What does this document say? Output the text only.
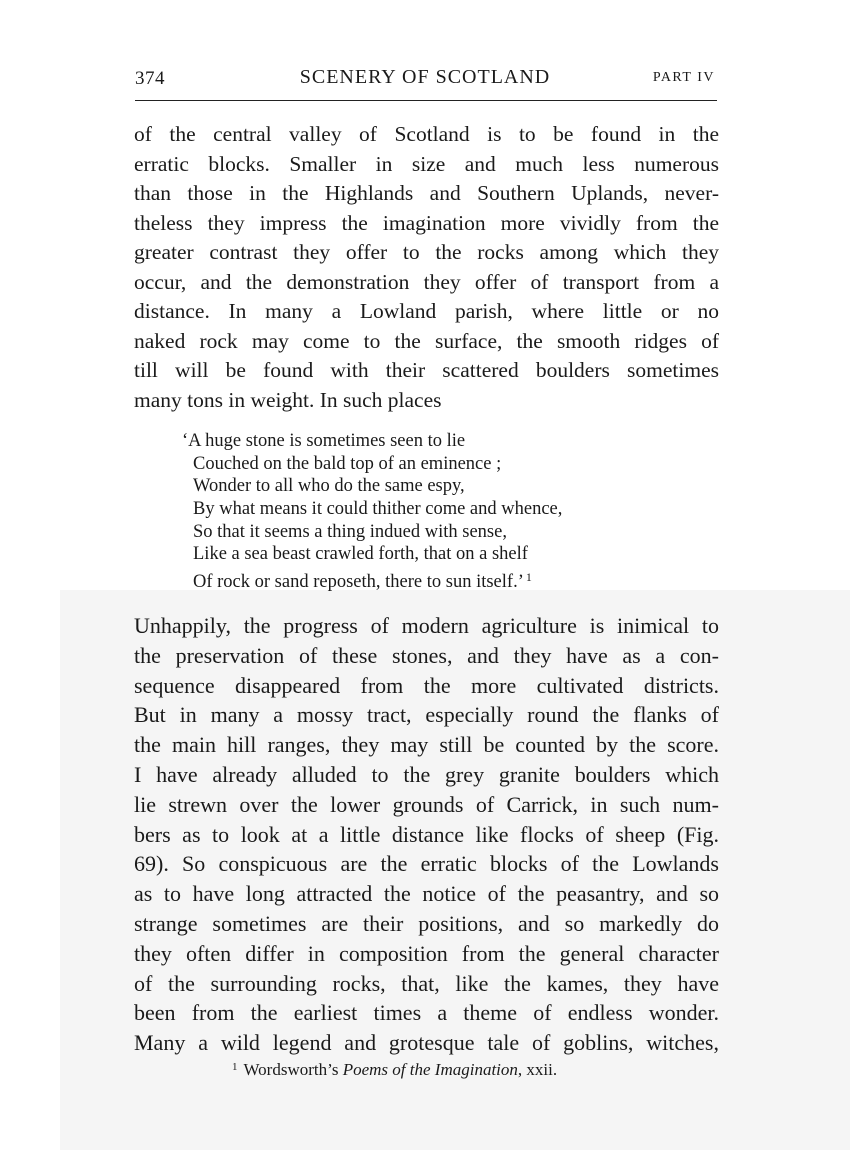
374	SCENERY OF SCOTLAND	PART IV
of the central valley of Scotland is to be found in the
erratic blocks. Smaller in size and much less numerous
than those in the Highlands and Southern Uplands, never-
theless they impress the imagination more vividly from the
greater contrast they offer to the rocks among which they
occur, and the demonstration they offer of transport from a
distance. In many a Lowland parish, where little or no
naked rock may come to the surface, the smooth ridges of
till will be found with their scattered boulders sometimes
many tons in weight. In such places
‘A huge stone is sometimes seen to lie
Couched on the bald top of an eminence ;
Wonder to all who do the same espy,
By what means it could thither come and whence,
So that it seems a thing indued with sense,
Like a sea beast crawled forth, that on a shelf
Of rock or sand reposeth, there to sun itself.’ $^1$
Unhappily, the progress of modern agriculture is inimical to
the preservation of these stones, and they have as a con-
sequence disappeared from the more cultivated districts.
But in many a mossy tract, especially round the flanks of
the main hill ranges, they may still be counted by the score.
I have already alluded to the grey granite boulders which
lie strewn over the lower grounds of Carrick, in such num-
bers as to look at a little distance like flocks of sheep (Fig.
69). So conspicuous are the erratic blocks of the Lowlands
as to have long attracted the notice of the peasantry, and so
strange sometimes are their positions, and so markedly do
they often differ in composition from the general character
of the surrounding rocks, that, like the kames, they have
been from the earliest times a theme of endless wonder.
Many a wild legend and grotesque tale of goblins, witches,
$^1$ Wordsworth’s Poems of the Imagination, xxii.
